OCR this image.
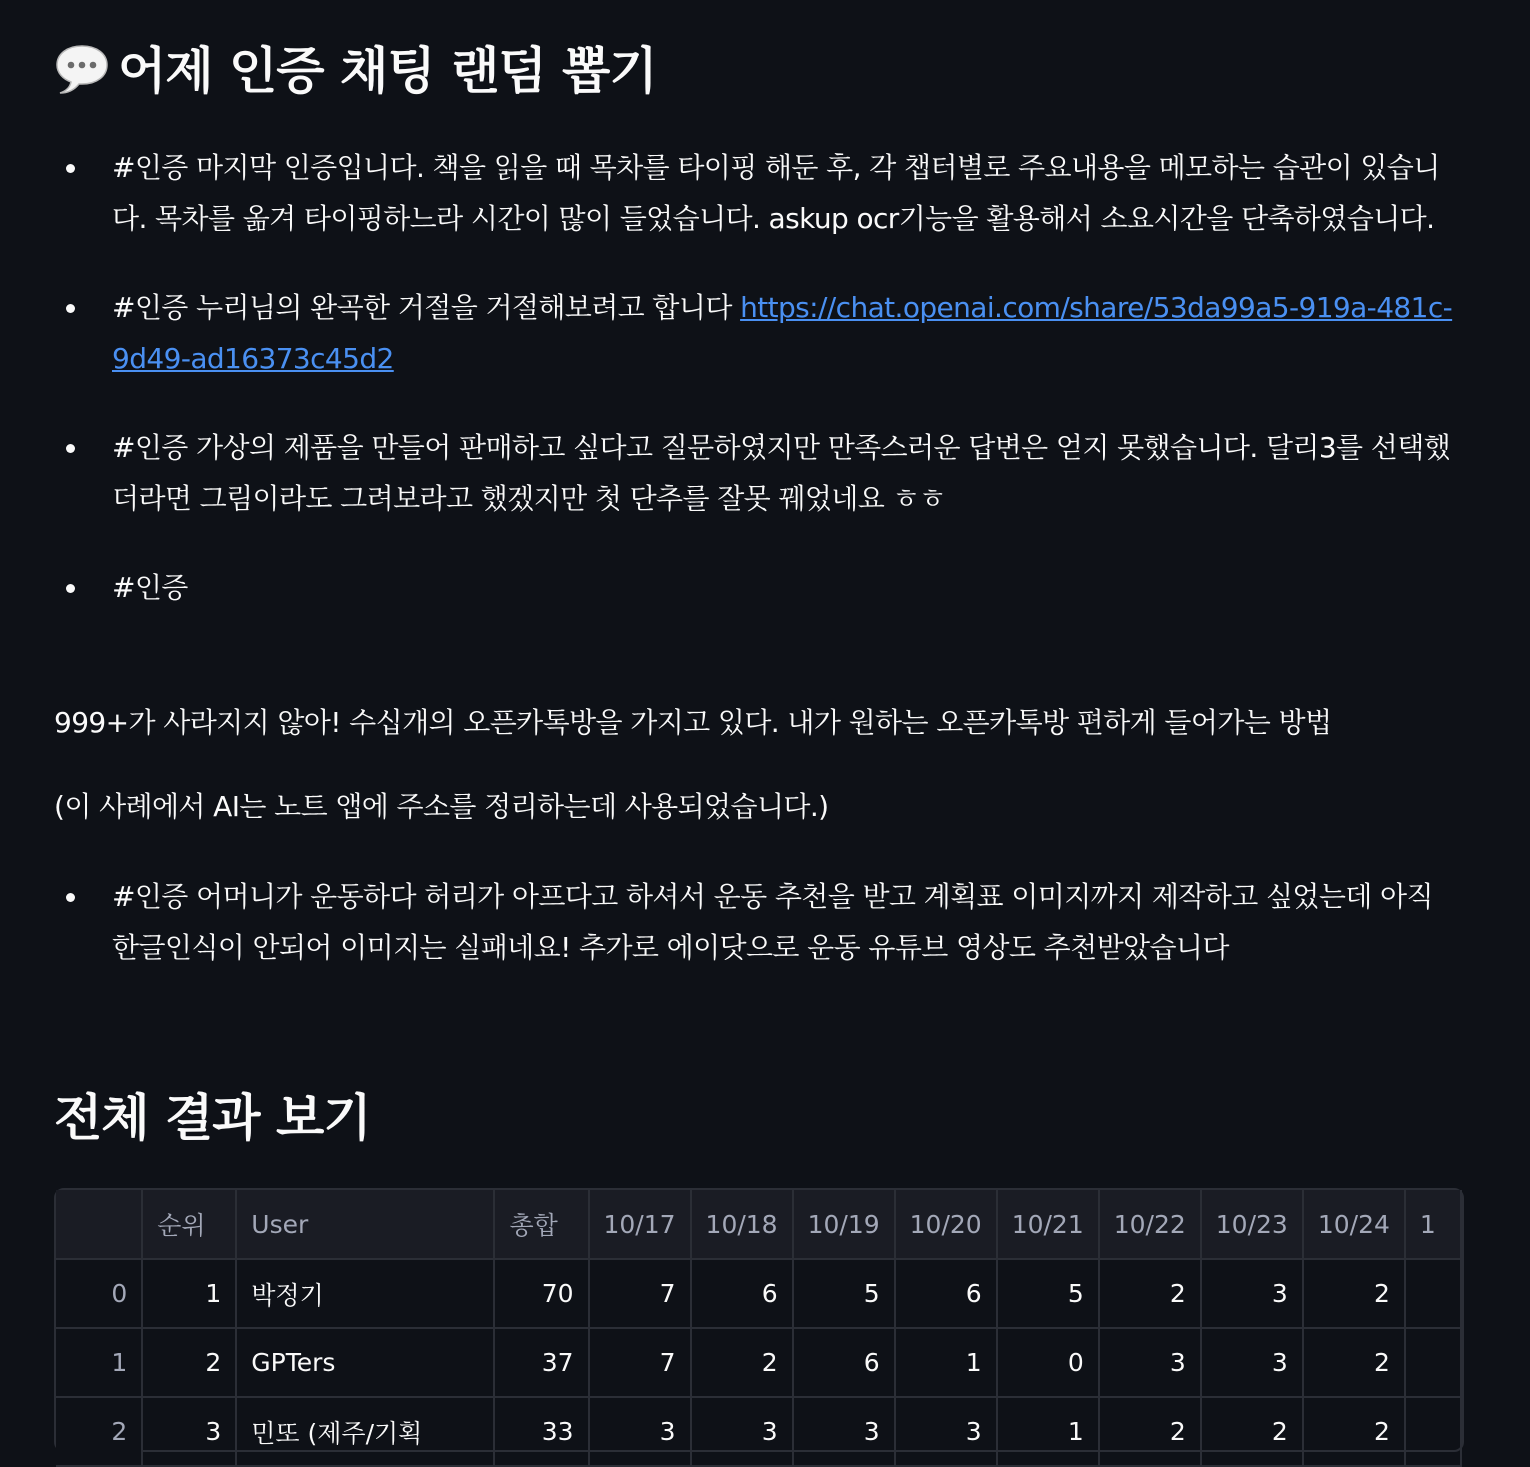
어제 인증 채팅 랜덤 뽑기
#인증 마지막 인증입니다. 책을 읽을 때 목차를 타이핑 해둔 후, 각 챕터별로 주요내용을 메모하는 습관이 있습니다. 목차를 옮겨 타이핑하느라 시간이 많이 들었습니다. askup ocr기능을 활용해서 소요시간을 단축하였습니다.
#인증 누리님의 완곡한 거절을 거절해보려고 합니다 https://chat.openai.com/share/53da99a5-919a-481c-9d49-ad16373c45d2
#인증 가상의 제품을 만들어 판매하고 싶다고 질문하였지만 만족스러운 답변은 얻지 못했습니다. 달리3를 선택했더라면 그림이라도 그려보라고 했겠지만 첫 단추를 잘못 꿰었네요 ㅎㅎ
#인증

999+가 사라지지 않아! 수십개의 오픈카톡방을 가지고 있다. 내가 원하는 오픈카톡방 편하게 들어가는 방법

(이 사례에서 AI는 노트 앱에 주소를 정리하는데 사용되었습니다.)

#인증 어머니가 운동하다 허리가 아프다고 하셔서 운동 추천을 받고 계획표 이미지까지 제작하고 싶었는데 아직 한글인식이 안되어 이미지는 실패네요! 추가로 에이닷으로 운동 유튜브 영상도 추천받았습니다
전체 결과 보기
	순위	User	총합	10/17	10/18	10/19	10/20	10/21	10/22	10/23	10/24	1
0	1	박정기	70	7	6	5	6	5	2	3	2	
1	2	GPTers	37	7	2	6	1	0	3	3	2	
2	3	민또 (제주/기획	33	3	3	3	3	1	2	2	2	
